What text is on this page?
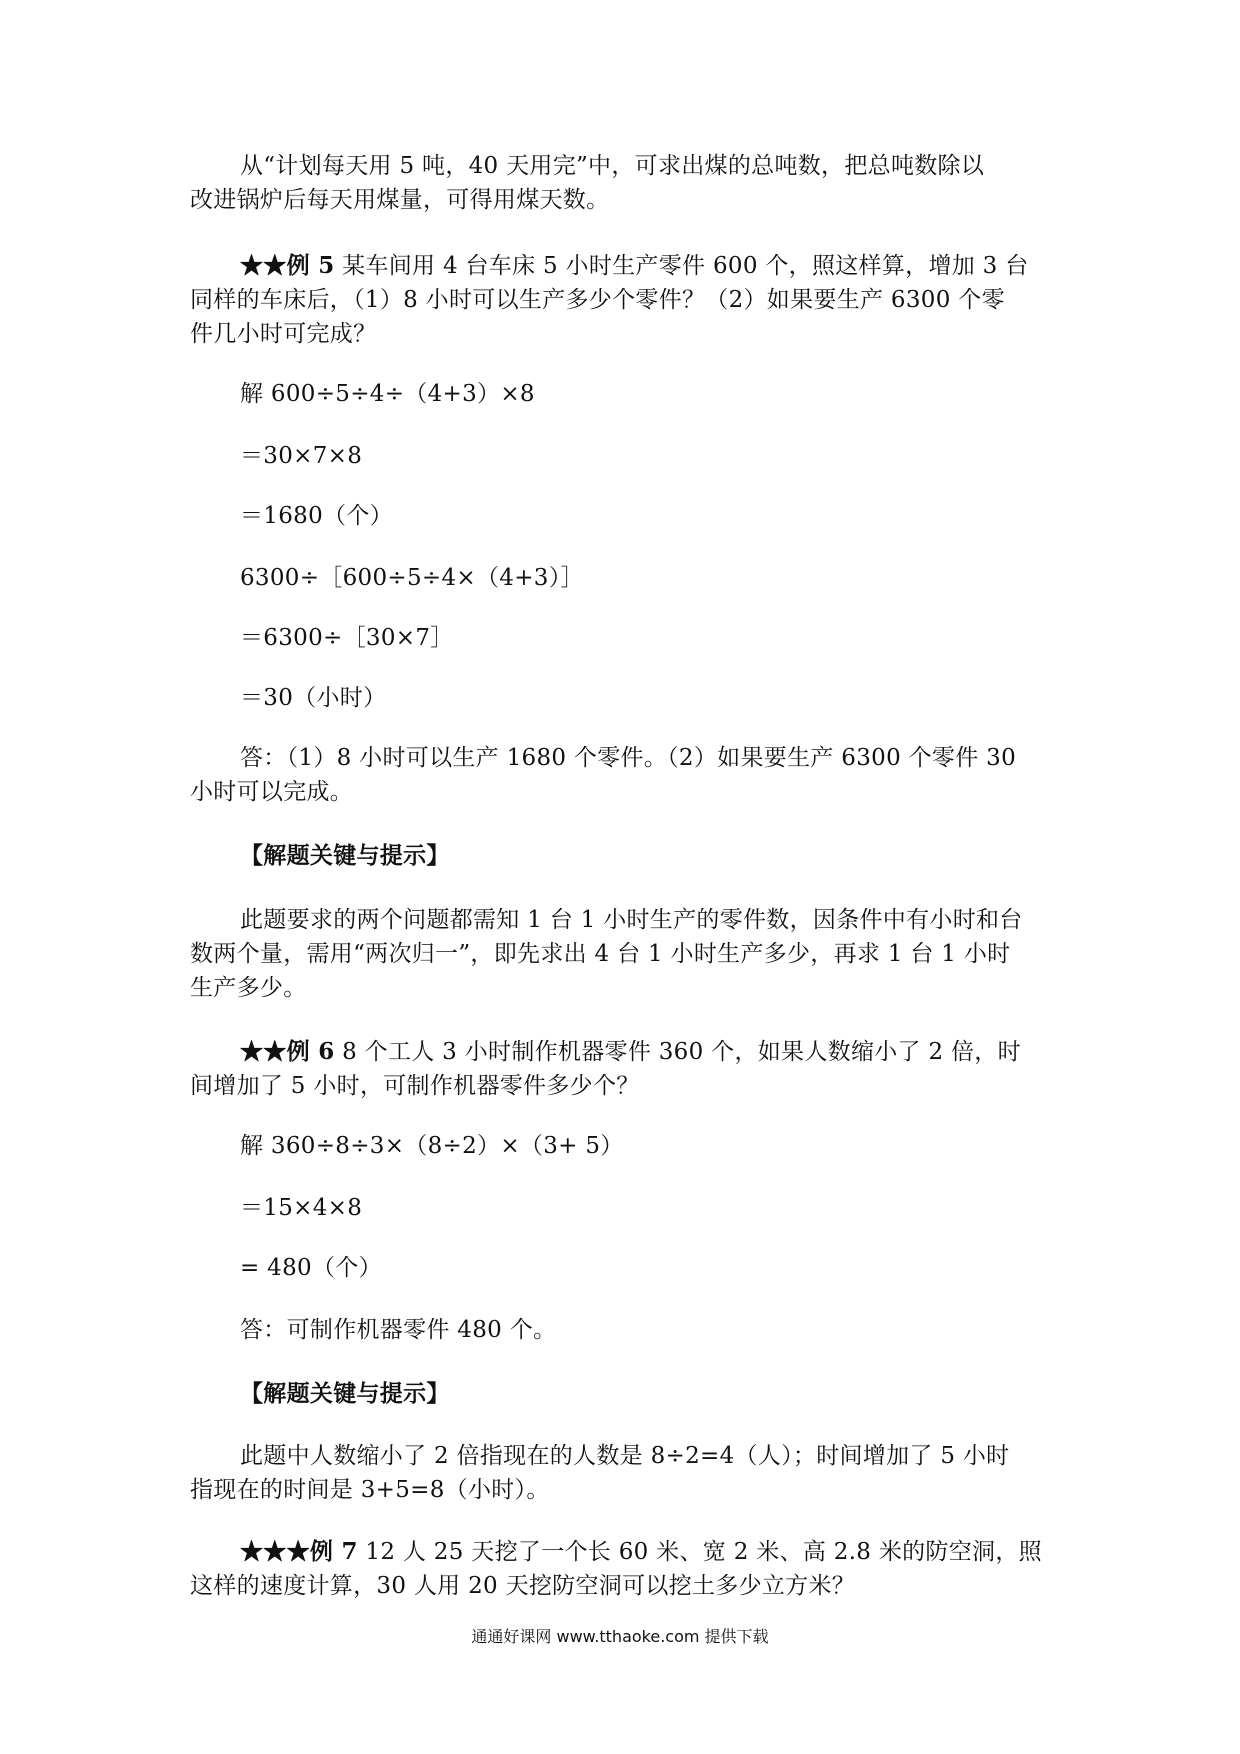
从“计划每天用 5 吨，40 天用完”中，可求出煤的总吨数，把总吨数除以
改进锅炉后每天用煤量，可得用煤天数。
★★例 5 某车间用 4 台车床 5 小时生产零件 600 个，照这样算，增加 3 台
同样的车床后，（1）8 小时可以生产多少个零件？（2）如果要生产 6300 个零
件几小时可完成？
解 600÷5÷4÷（4+3）×8
＝30×7×8
＝1680（个）
6300÷［600÷5÷4×（4+3）］
＝6300÷［30×7］
＝30（小时）
答：（1）8 小时可以生产 1680 个零件。（2）如果要生产 6300 个零件 30
小时可以完成。
【解题关键与提示】
此题要求的两个问题都需知 1 台 1 小时生产的零件数，因条件中有小时和台
数两个量，需用“两次归一”，即先求出 4 台 1 小时生产多少，再求 1 台 1 小时
生产多少。
★★例 6 8 个工人 3 小时制作机器零件 360 个，如果人数缩小了 2 倍，时
间增加了 5 小时，可制作机器零件多少个？
解 360÷8÷3×（8÷2）×（3+ 5）
＝15×4×8
= 480（个）
答：可制作机器零件 480 个。
【解题关键与提示】
此题中人数缩小了 2 倍指现在的人数是 8÷2=4（人）；时间增加了 5 小时
指现在的时间是 3+5=8（小时）。
★★★例 7 12 人 25 天挖了一个长 60 米、宽 2 米、高 2.8 米的防空洞，照
这样的速度计算，30 人用 20 天挖防空洞可以挖土多少立方米？
通通好课网 www.tthaoke.com 提供下载
